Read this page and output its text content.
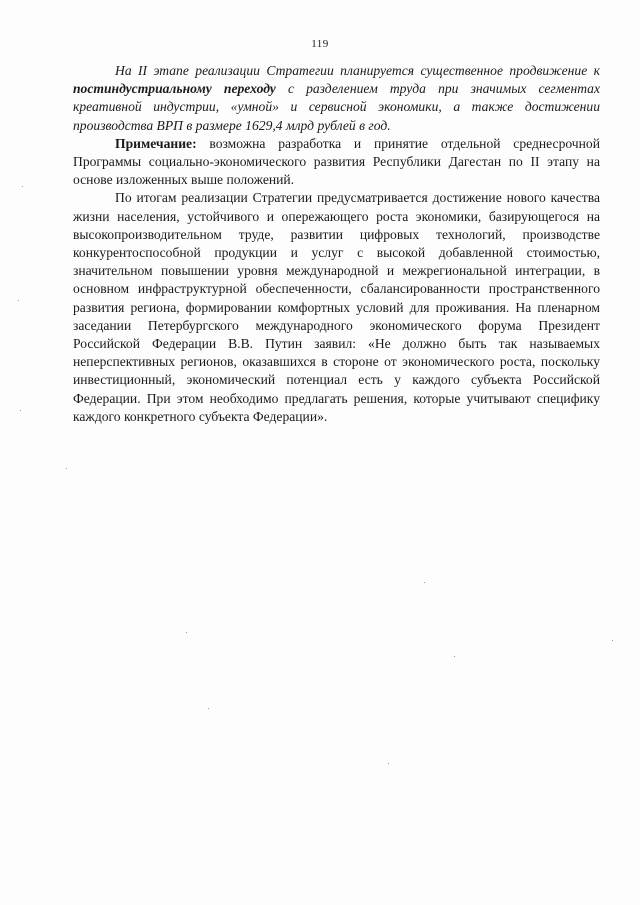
119

На II этапе реализации Стратегии планируется существенное продвижение к постиндустриальному переходу с разделением труда при значимых сегментах креативной индустрии, «умной» и сервисной экономики, а также достижении производства ВРП в размере 1629,4 млрд рублей в год.

Примечание: возможна разработка и принятие отдельной среднесрочной Программы социально-экономического развития Республики Дагестан по II этапу на основе изложенных выше положений.

По итогам реализации Стратегии предусматривается достижение нового качества жизни населения, устойчивого и опережающего роста экономики, базирующегося на высокопроизводительном труде, развитии цифровых технологий, производстве конкурентоспособной продукции и услуг с высокой добавленной стоимостью, значительном повышении уровня международной и межрегиональной интеграции, в основном инфраструктурной обеспеченности, сбалансированности пространственного развития региона, формировании комфортных условий для проживания. На пленарном заседании Петербургского международного экономического форума Президент Российской Федерации В.В. Путин заявил: «Не должно быть так называемых неперспективных регионов, оказавшихся в стороне от экономического роста, поскольку инвестиционный, экономический потенциал есть у каждого субъекта Российской Федерации. При этом необходимо предлагать решения, которые учитывают специфику каждого конкретного субъекта Федерации».
